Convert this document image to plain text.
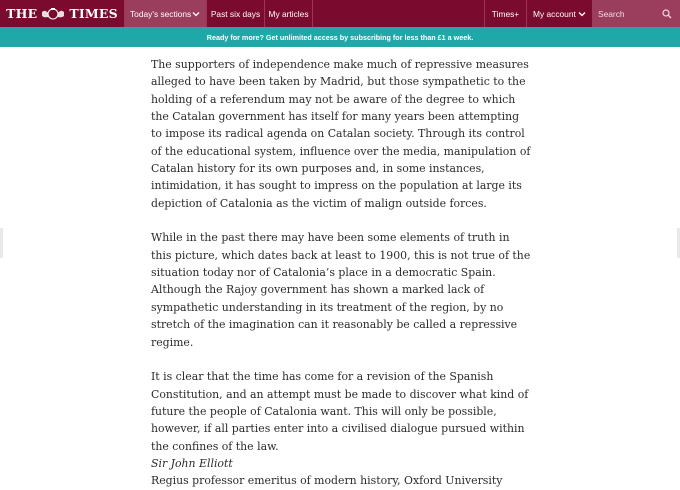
THE	TIMES Today's sections Past six days My articles	Times+ My account	Search
Ready for more? Get unlimited access by subscribing for less than £1 a week.

The supporters of independence make much of repressive measures alleged to have been taken by Madrid, but those sympathetic to the holding of a referendum may not be aware of the degree to which the Catalan government has itself for many years been attempting to impose its radical agenda on Catalan society. Through its control of the educational system, influence over the media, manipulation of Catalan history for its own purposes and, in some instances, intimidation, it has sought to impress on the population at large its depiction of Catalonia as the victim of malign outside forces.

While in the past there may have been some elements of truth in this picture, which dates back at least to 1900, this is not true of the situation today nor of Catalonia’s place in a democratic Spain. Although the Rajoy government has shown a marked lack of sympathetic understanding in its treatment of the region, by no stretch of the imagination can it reasonably be called a repressive regime.

It is clear that the time has come for a revision of the Spanish Constitution, and an attempt must be made to discover what kind of future the people of Catalonia want. This will only be possible, however, if all parties enter into a civilised dialogue pursued within the confines of the law.

Sir John Elliott
Regius professor emeritus of modern history, Oxford University
